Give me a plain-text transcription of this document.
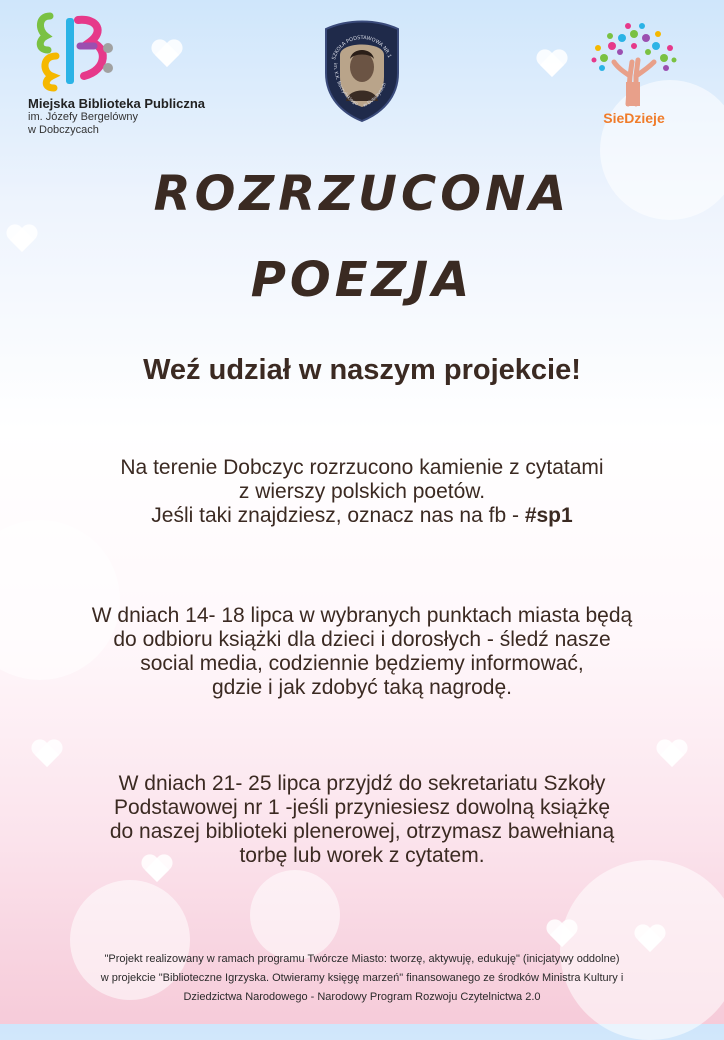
Miejska Biblioteka Publiczna
im. Józefy Bergelówny
w Dobczycach
SZKOŁA PODSTAWOWA NR 1
im. K.K. Baczyńskiego w Dobczycach
SieDzieje
ROZRZUCONA
POEZJA
Weź udział w naszym projekcie!
Na terenie Dobczyc rozrzucono kamienie z cytatami
z wierszy polskich poetów.
Jeśli taki znajdziesz, oznacz nas na fb - #sp1
W dniach 14- 18 lipca w wybranych punktach miasta będą
do odbioru książki dla dzieci i dorosłych - śledź nasze
social media, codziennie będziemy informować,
gdzie i jak zdobyć taką nagrodę.
W dniach 21- 25 lipca przyjdź do sekretariatu Szkoły
Podstawowej nr 1 -jeśli przyniesiesz dowolną książkę
do naszej biblioteki plenerowej, otrzymasz bawełnianą
torbę lub worek z cytatem.
"Projekt realizowany w ramach programu Twórcze Miasto: tworzę, aktywuję, edukuję" (inicjatywy oddolne)
w projekcie "Biblioteczne Igrzyska. Otwieramy księgę marzeń" finansowanego ze środków Ministra Kultury i
Dziedzictwa Narodowego - Narodowy Program Rozwoju Czytelnictwa 2.0
